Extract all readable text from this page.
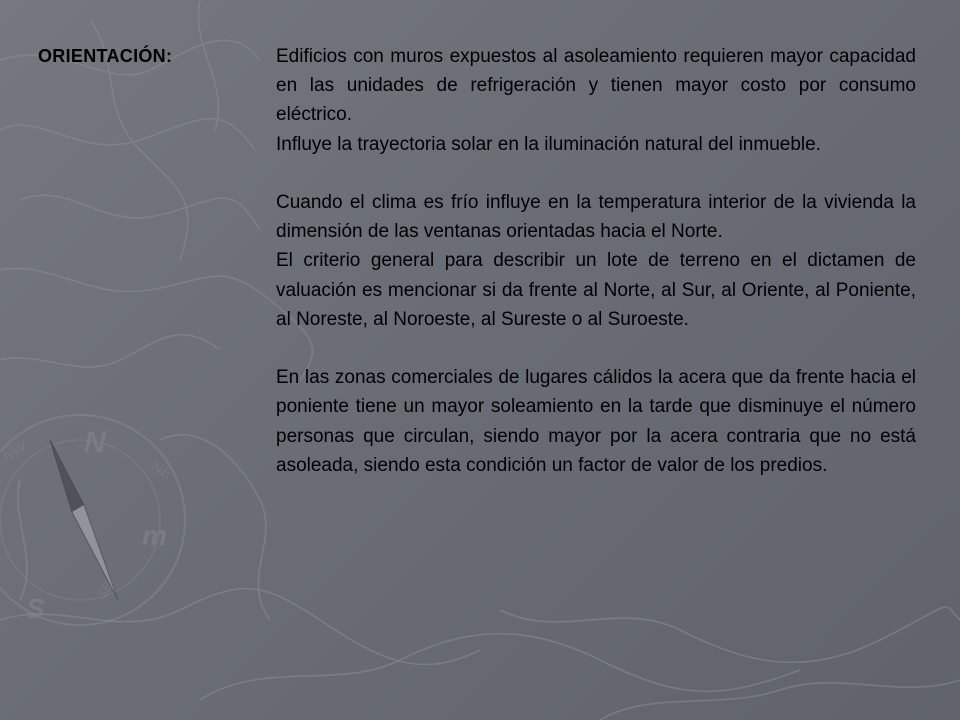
N
S
m
NE
NW
SE
ORIENTACIÓN:	Edificios con muros expuestos al asoleamiento requieren mayor capacidad en las unidades de refrigeración y tienen mayor costo por consumo eléctrico.

Influye la trayectoria solar en la iluminación natural del inmueble.

Cuando el clima es frío influye en la temperatura interior de la vivienda la dimensión de las ventanas orientadas hacia el Norte.

El criterio general para describir un lote de terreno en el dictamen de valuación es mencionar si da frente al Norte, al Sur, al Oriente, al Poniente, al Noreste, al Noroeste, al Sureste o al Suroeste.

En las zonas comerciales de lugares cálidos la acera que da frente hacia el poniente tiene un mayor soleamiento en la tarde que disminuye el número personas que circulan, siendo mayor por la acera contraria que no está asoleada, siendo esta condición un factor de valor de los predios.
